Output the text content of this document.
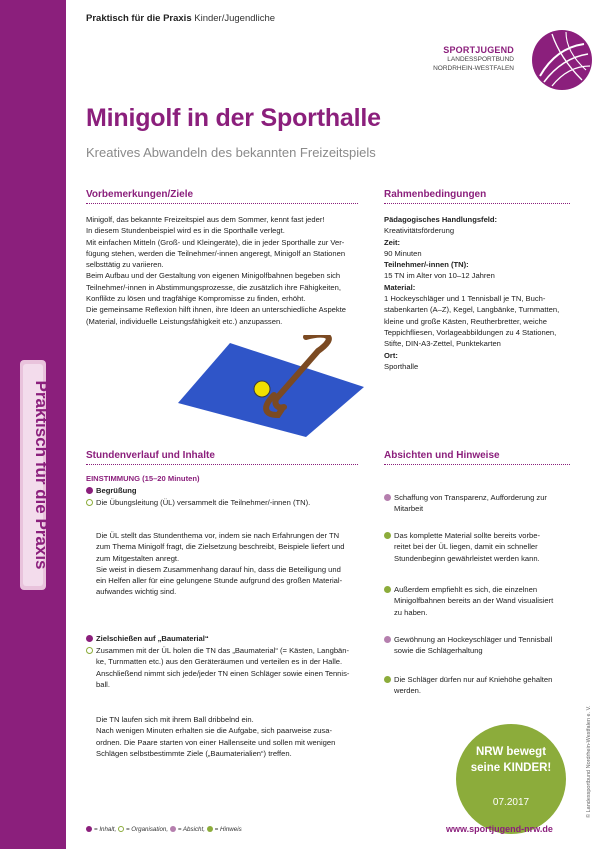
Praktisch für die Praxis
Praktisch für die Praxis Kinder/Jugendliche
SPORTJUGEND
LANDESSPORTBUND
NORDRHEIN-WESTFALEN
Minigolf in der Sporthalle
Kreatives Abwandeln des bekannten Freizeitspiels
Vorbemerkungen/Ziele

Minigolf, das bekannte Freizeitspiel aus dem Sommer, kennt fast jeder!

In diesem Stundenbeispiel wird es in die Sporthalle verlegt.

Mit einfachen Mitteln (Groß- und Kleingeräte), die in jeder Sporthalle zur Ver-

fügung stehen, werden die Teilnehmer/-innen angeregt, Minigolf an Stationen

selbsttätig zu variieren.

Beim Aufbau und der Gestaltung von eigenen Minigolfbahnen begeben sich

Teilnehmer/-innen in Abstimmungsprozesse, die zusätzlich ihre Fähigkeiten,

Konflikte zu lösen und tragfähige Kompromisse zu finden, erhöht.

Die gemeinsame Reflexion hilft ihnen, ihre Ideen an unterschiedliche Aspekte

(Material, individuelle Leistungsfähigkeit etc.) anzupassen.

Rahmenbedingungen

Pädagogisches Handlungsfeld:

Kreativitätsförderung

Zeit:

90 Minuten

Teilnehmer/-innen (TN):

15 TN im Alter von 10–12 Jahren

Material:

1 Hockeyschläger und 1 Tennisball je TN, Buch-

stabenkarten (A–Z), Kegel, Langbänke, Turnmatten,

kleine und große Kästen, Reutherbretter, weiche

Teppichfliesen, Vorlageabbildungen zu 4 Stationen,

Stifte, DIN-A3-Zettel, Punktekarten

Ort:

Sporthalle

Stundenverlauf und Inhalte
EINSTIMMUNG (15–20 Minuten)
Begrüßung
Die Übungsleitung (ÜL) versammelt die Teilnehmer/-innen (TN).

Die ÜL stellt das Stundenthema vor, indem sie nach Erfahrungen der TN

zum Thema Minigolf fragt, die Zielsetzung beschreibt, Beispiele liefert und

zum Mitgestalten anregt.

Sie weist in diesem Zusammenhang darauf hin, dass die Beteiligung und

ein Helfen aller für eine gelungene Stunde aufgrund des großen Material-

aufwandes wichtig sind.

Zielschießen auf „Baumaterial“

Zusammen mit der ÜL holen die TN das „Baumaterial“ (= Kästen, Langbän-

ke, Turnmatten etc.) aus den Geräteräumen und verteilen es in der Halle.

Anschließend nimmt sich jede/jeder TN einen Schläger sowie einen Tennis-

ball.

Die TN laufen sich mit ihrem Ball dribbelnd ein.

Nach wenigen Minuten erhalten sie die Aufgabe, sich paarweise zusa-

ordnen. Die Paare starten von einer Hallenseite und sollen mit wenigen

Schlägen selbstbestimmte Ziele („Baumaterialien“) treffen.

Absichten und Hinweise

Schaffung von Transparenz, Aufforderung zur

Mitarbeit

Das komplette Material sollte bereits vorbe-

reitet bei der ÜL liegen, damit ein schneller

Stundenbeginn gewährleistet werden kann.

Außerdem empfiehlt es sich, die einzelnen

Minigolfbahnen bereits an der Wand visualisiert

zu haben.

Gewöhnung an Hockeyschläger und Tennisball

sowie die Schlägerhaltung

Die Schläger dürfen nur auf Kniehöhe gehalten

werden.

NRW bewegt
seine KINDER!
07.2017	© Landessportbund Nordrhein-Westfalen e. V.
= Inhalt, = Organisation, = Absicht, = Hinweis	www.sportjugend-nrw.de
